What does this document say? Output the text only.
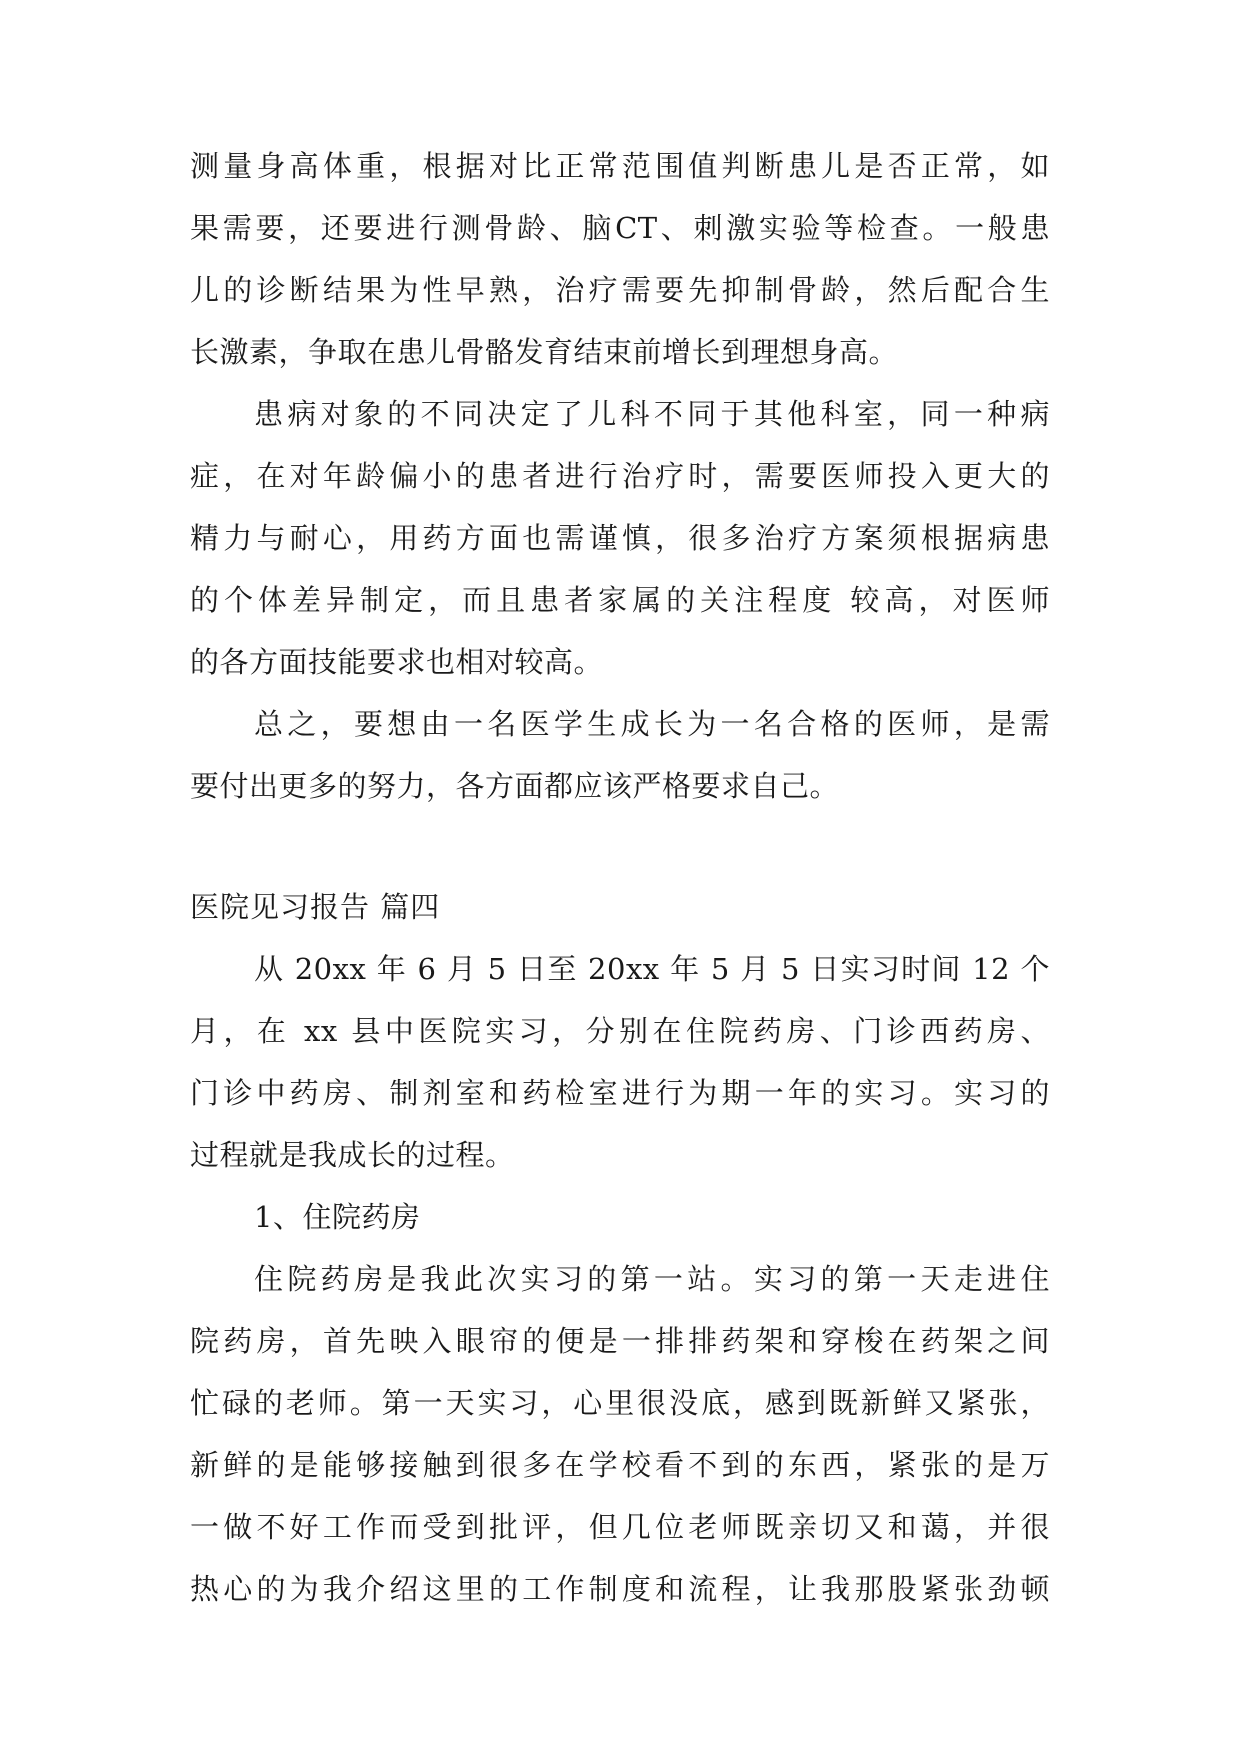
测量身高体重，根据对比正常范围值判断患儿是否正常，如
果需要，还要进行测骨龄、脑CT、刺激实验等检查。一般患
儿的诊断结果为性早熟，治疗需要先抑制骨龄，然后配合生
长激素，争取在患儿骨骼发育结束前增长到理想身高。
患病对象的不同决定了儿科不同于其他科室，同一种病
症，在对年龄偏小的患者进行治疗时，需要医师投入更大的
精力与耐心，用药方面也需谨慎，很多治疗方案须根据病患
的个体差异制定，而且患者家属的关注程度 较高，对医师
的各方面技能要求也相对较高。
总之，要想由一名医学生成长为一名合格的医师，是需
要付出更多的努力，各方面都应该严格要求自己。
医院见习报告 篇四
从 20xx 年 6 月 5 日至 20xx 年 5 月 5 日实习时间 12 个
月，在 xx 县中医院实习，分别在住院药房、门诊西药房、
门诊中药房、制剂室和药检室进行为期一年的实习。实习的
过程就是我成长的过程。
1、住院药房
住院药房是我此次实习的第一站。实习的第一天走进住
院药房，首先映入眼帘的便是一排排药架和穿梭在药架之间
忙碌的老师。第一天实习，心里很没底，感到既新鲜又紧张，
新鲜的是能够接触到很多在学校看不到的东西，紧张的是万
一做不好工作而受到批评，但几位老师既亲切又和蔼，并很
热心的为我介绍这里的工作制度和流程，让我那股紧张劲顿
